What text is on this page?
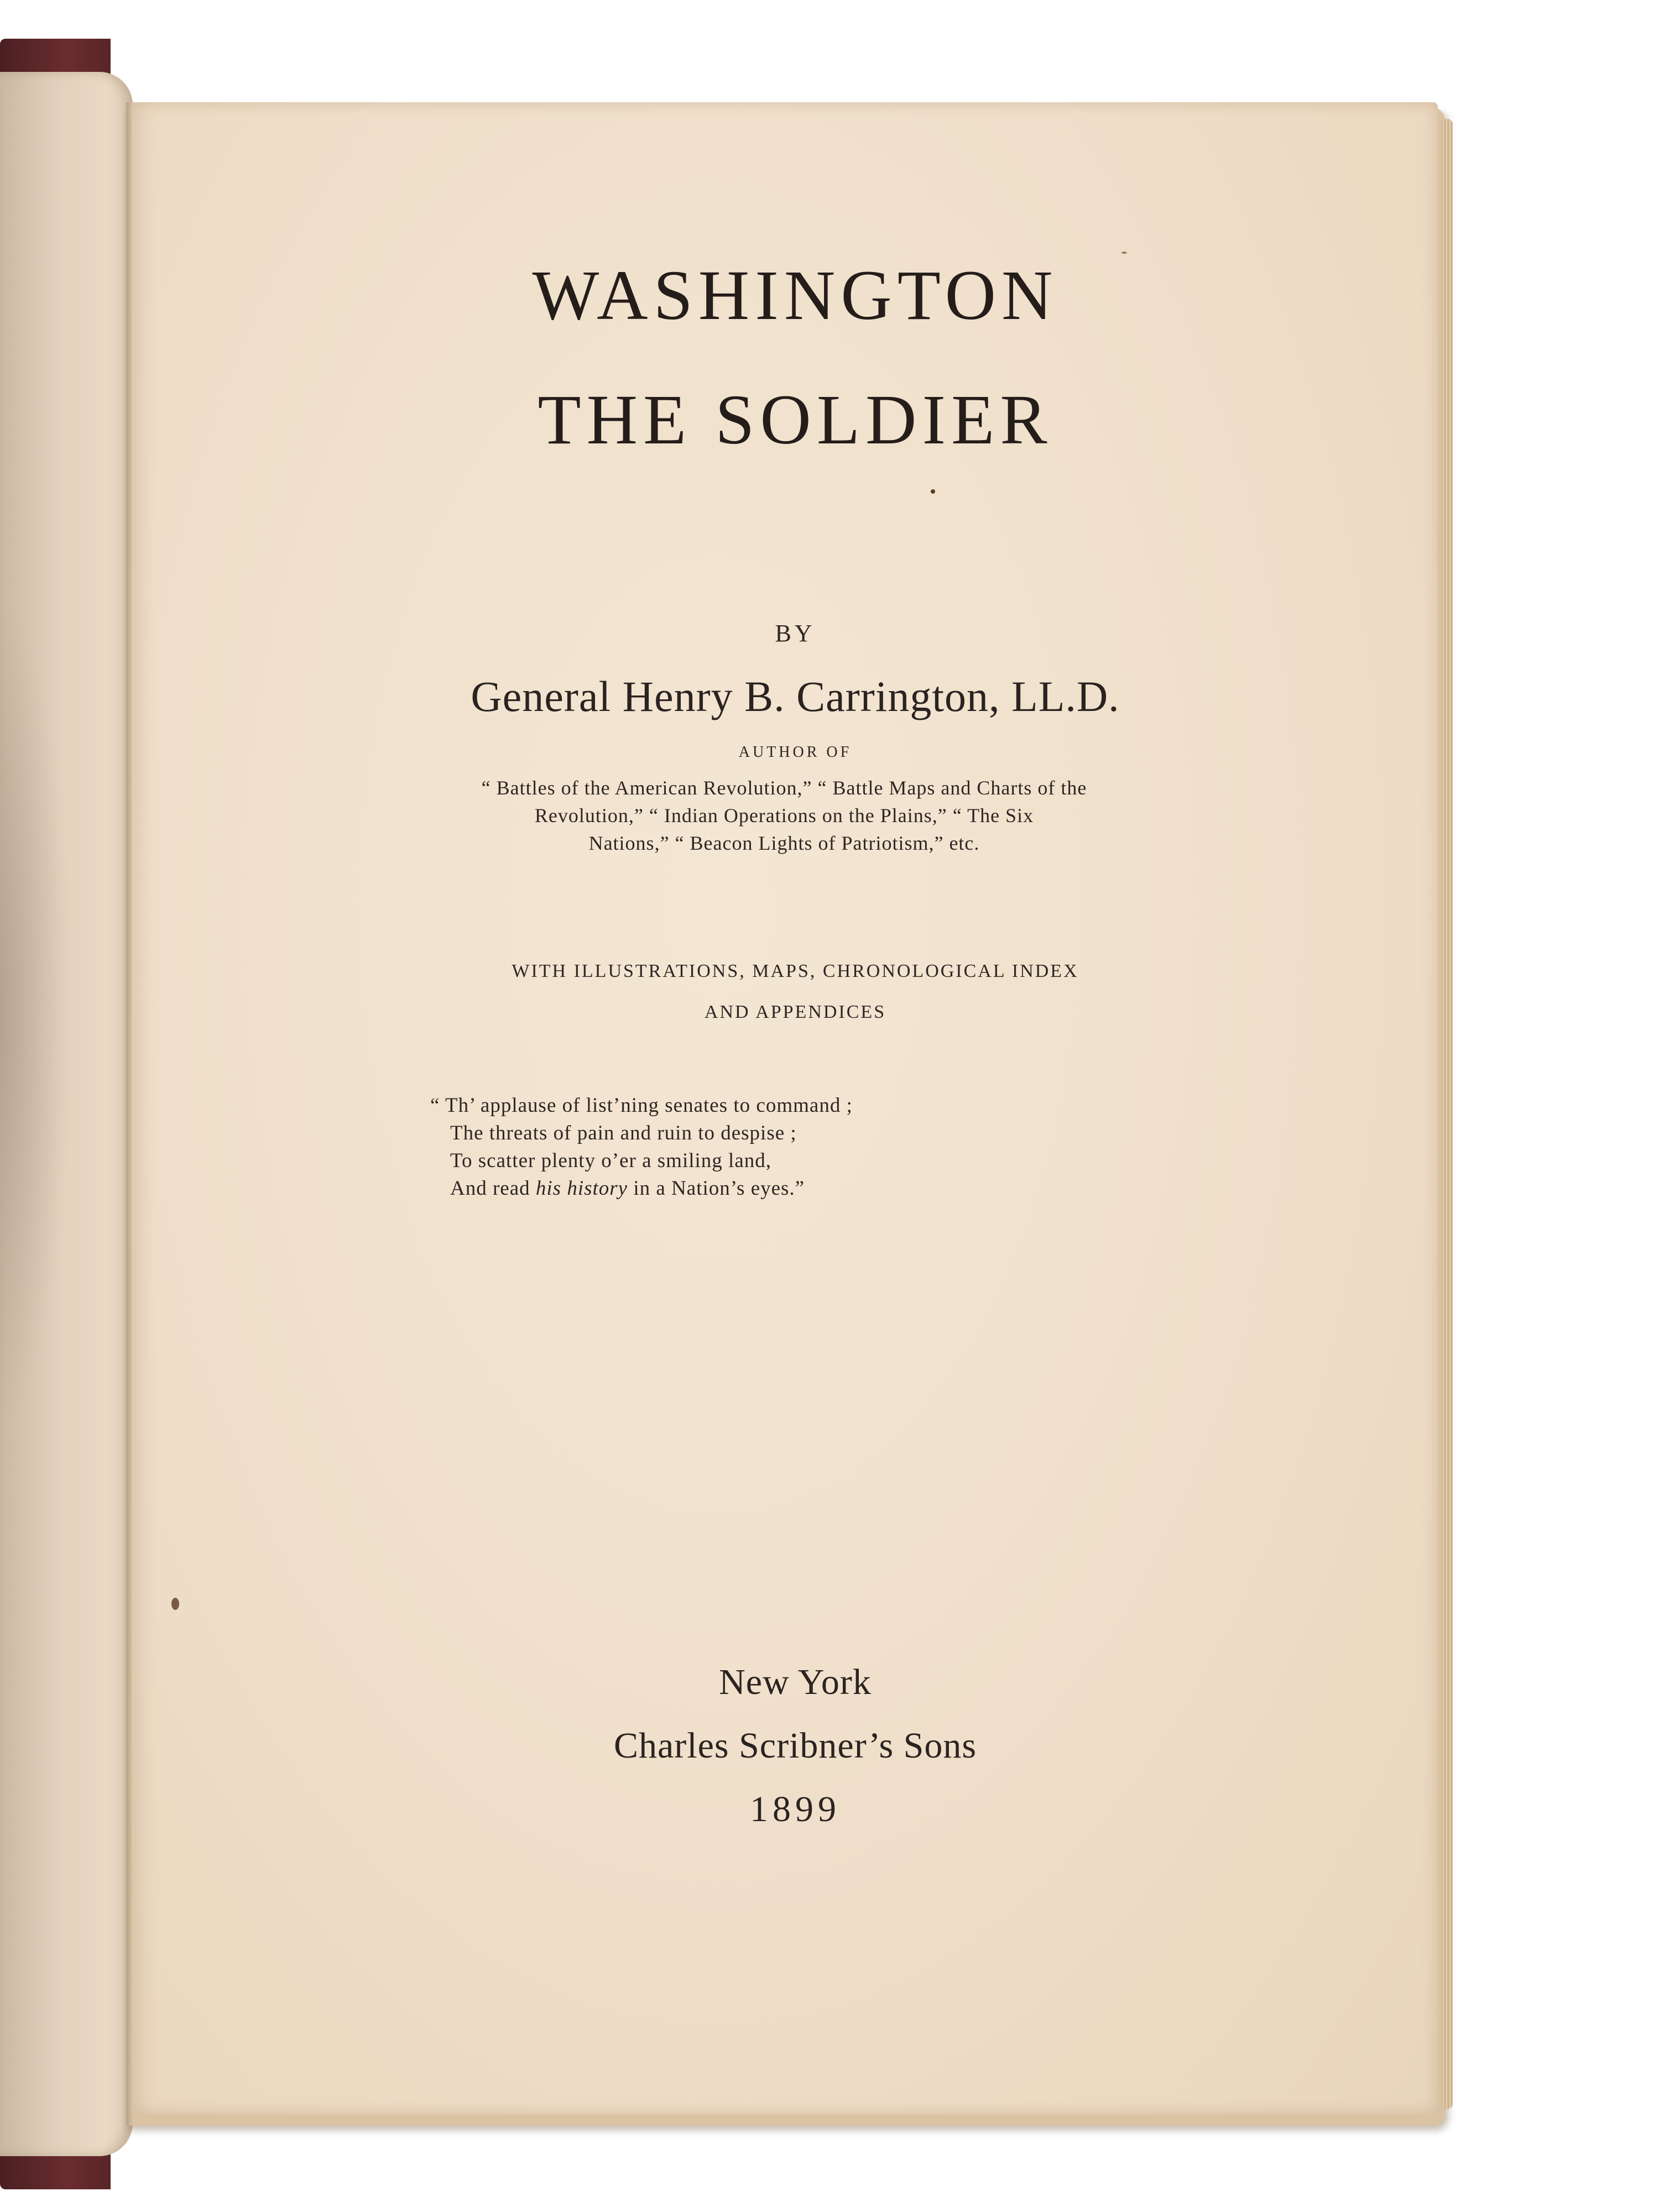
WASHINGTON
THE SOLDIER
BY
General Henry B. Carrington, LL.D.
AUTHOR OF
“ Battles of the American Revolution,” “ Battle Maps and Charts of the
Revolution,” “ Indian Operations on the Plains,” “ The Six
Nations,” “ Beacon Lights of Patriotism,” etc.
WITH ILLUSTRATIONS, MAPS, CHRONOLOGICAL INDEX
AND APPENDICES
“ Th’ applause of list’ning senates to command ;
The threats of pain and ruin to despise ;
To scatter plenty o’er a smiling land,
And read his history in a Nation’s eyes.”
New York
Charles Scribner’s Sons
1899
